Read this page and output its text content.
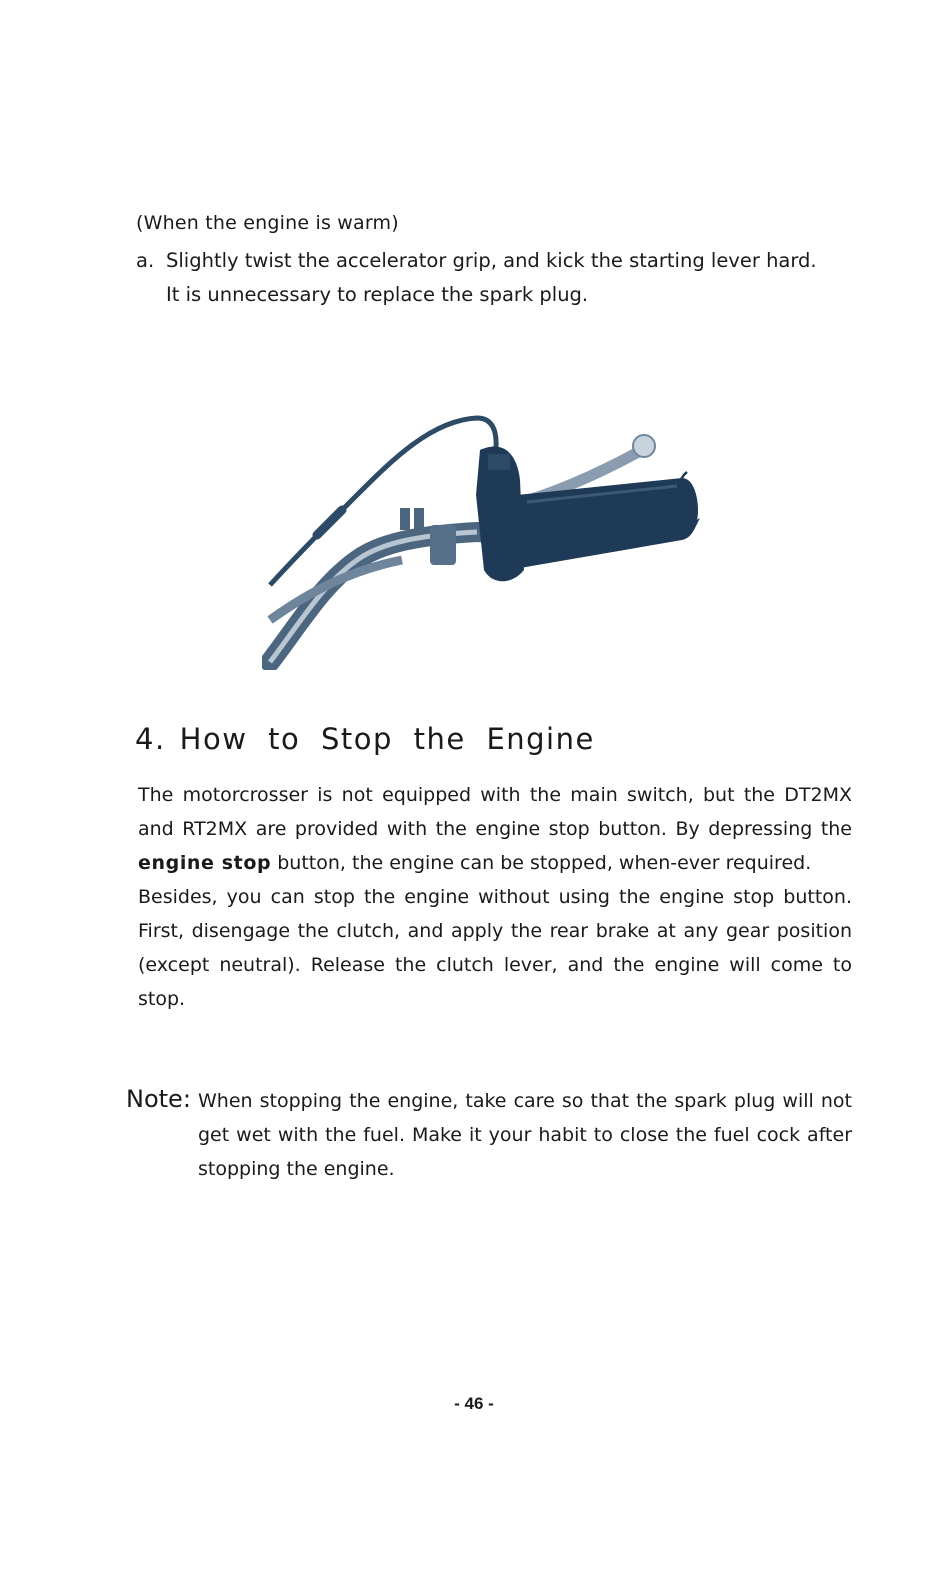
(When the engine is warm)
a. Slightly twist the accelerator grip, and kick the starting lever hard.
It is unnecessary to replace the spark plug.
4. How to Stop the Engine

The motorcrosser is not equipped with the main switch, but the DT2MX and RT2MX are provided with the engine stop button. By depressing the engine stop button, the engine can be stopped, when-ever required.

Besides, you can stop the engine without using the engine stop button. First, disengage the clutch, and apply the rear brake at any gear position (except neutral). Release the clutch lever, and the engine will come to stop.

Note: When stopping the engine, take care so that the spark plug will not get wet with the fuel. Make it your habit to close the fuel cock after stopping the engine.
- 46 -
